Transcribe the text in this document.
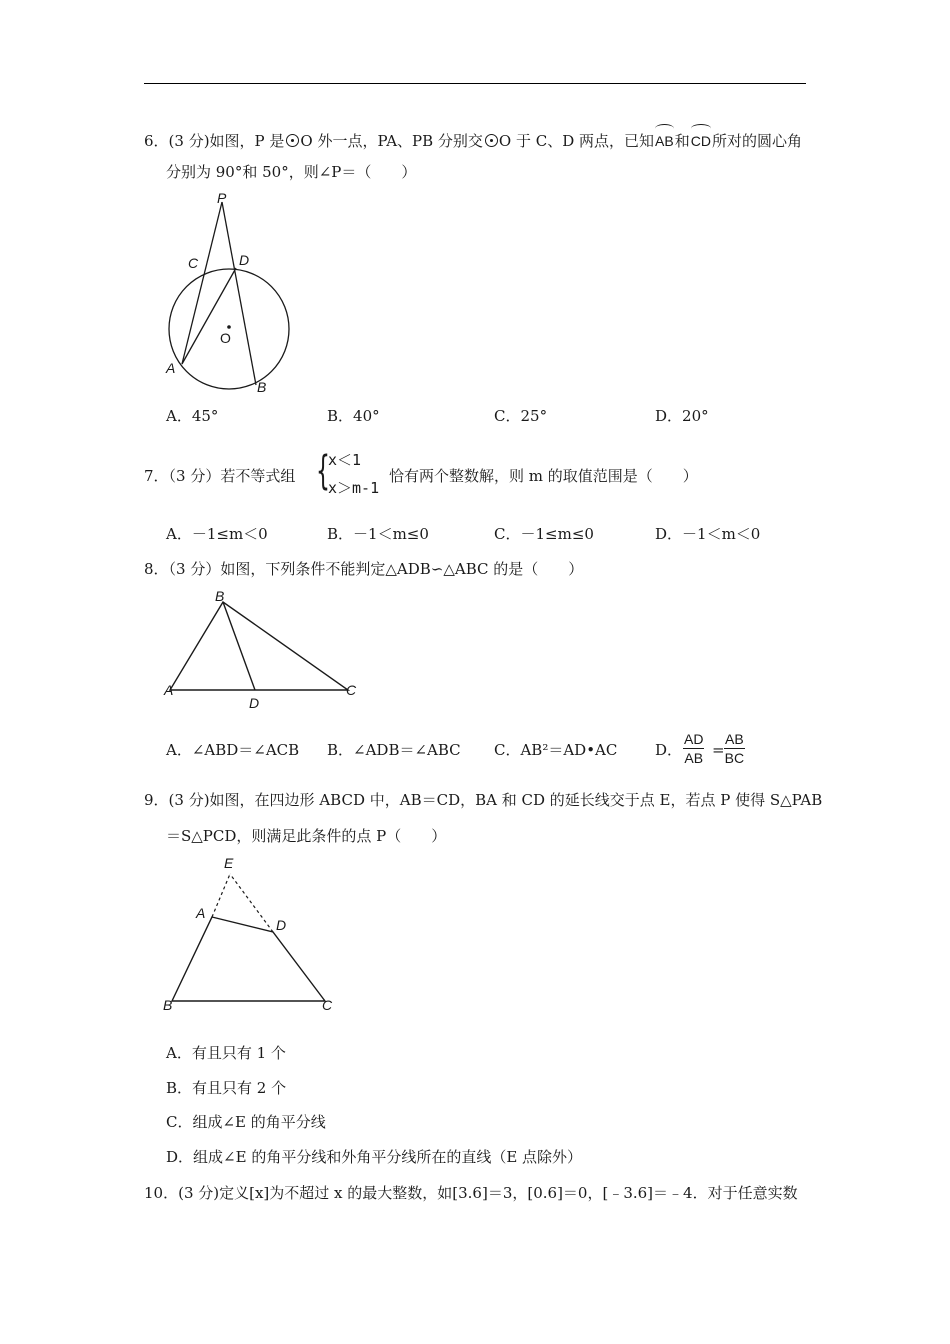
6．(3 分)如图，P 是 O 外一点，PA、PB 分别交 O 于 C、D 两点，已知AB和CD所对的圆心角
分别为 90°和 50°，则∠P＝（　　）
P
C	D
O
A
B
A．45°	B．40°	C．25°	D．20°
7．（3 分）若不等式组 {
x＜1
x＞m-1
恰有两个整数解，则 m 的取值范围是（　　）
A．－1≤m＜0	B．－1＜m≤0	C．－1≤m≤0	D．－1＜m＜0
8．（3 分）如图，下列条件不能判定△ADB∽△ABC 的是（　　）
B
A
D
C
A．∠ABD＝∠ACB B．∠ADB＝∠ABC C．AB²＝AD•AC	D． $\frac{AD}{AB} = \frac{AB}{BC}$
9．(3 分)如图，在四边形 ABCD 中，AB＝CD，BA 和 CD 的延长线交于点 E，若点 P 使得 S△PAB
＝S△PCD，则满足此条件的点 P（　　）
E
A
D
B	C
A．有且只有 1 个
B．有且只有 2 个
C．组成∠E 的角平分线
D．组成∠E 的角平分线和外角平分线所在的直线（E 点除外）
10．(3 分)定义[x]为不超过 x 的最大整数，如[3.6]＝3，[0.6]＝0，[﹣3.6]＝﹣4．对于任意实数
